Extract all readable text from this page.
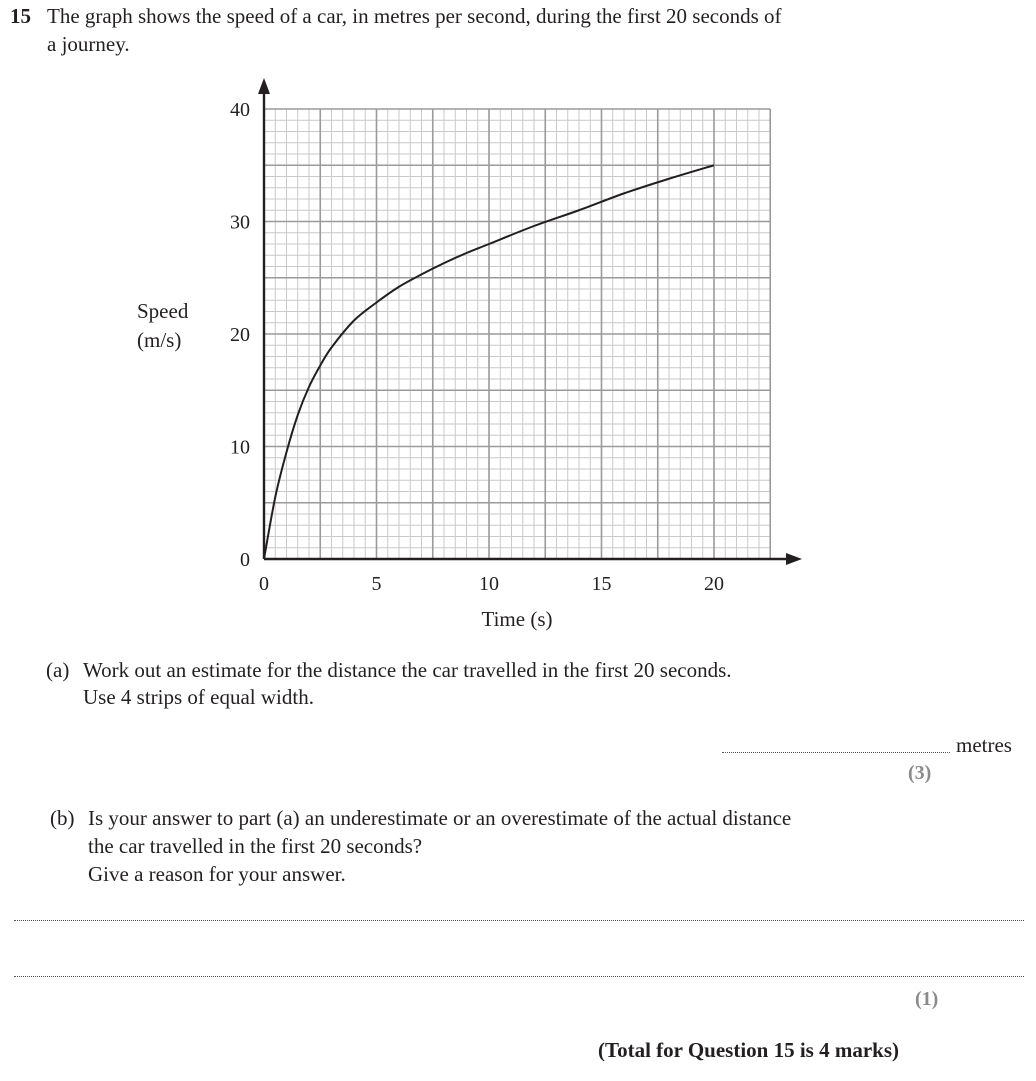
15 The graph shows the speed of a car, in metres per second, during the first 20 seconds of
a journey.
0	5	10	15	20
0
10
20
30
40
Time (s)
Speed
(m/s)
(a) Work out an estimate for the distance the car travelled in the first 20 seconds.
Use 4 strips of equal width.
metres
(3)
(b) Is your answer to part (a) an underestimate or an overestimate of the actual distance
the car travelled in the first 20 seconds?
Give a reason for your answer.
(1)
(Total for Question 15 is 4 marks)
